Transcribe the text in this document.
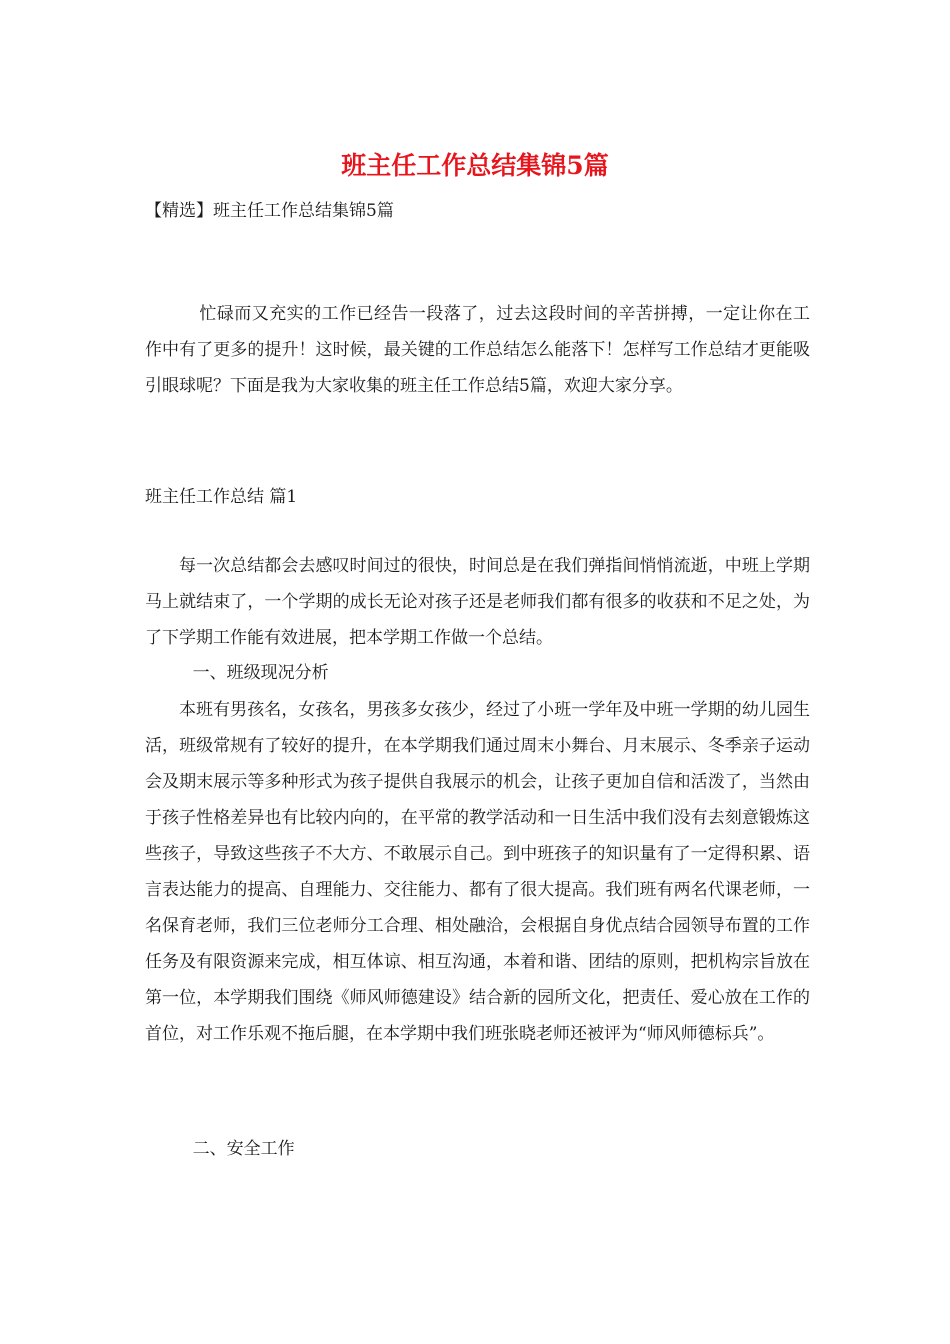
班主任工作总结集锦5篇

【精选】班主任工作总结集锦5篇

忙碌而又充实的工作已经告一段落了，过去这段时间的辛苦拼搏，一定让你在工作中有了更多的提升！这时候，最关键的工作总结怎么能落下！怎样写工作总结才更能吸引眼球呢？下面是我为大家收集的班主任工作总结5篇，欢迎大家分享。

班主任工作总结 篇1

每一次总结都会去感叹时间过的很快，时间总是在我们弹指间悄悄流逝，中班上学期马上就结束了，一个学期的成长无论对孩子还是老师我们都有很多的收获和不足之处，为了下学期工作能有效进展，把本学期工作做一个总结。

一、班级现况分析

本班有男孩名，女孩名，男孩多女孩少，经过了小班一学年及中班一学期的幼儿园生活，班级常规有了较好的提升，在本学期我们通过周末小舞台、月末展示、冬季亲子运动会及期末展示等多种形式为孩子提供自我展示的机会，让孩子更加自信和活泼了，当然由于孩子性格差异也有比较内向的，在平常的教学活动和一日生活中我们没有去刻意锻炼这些孩子，导致这些孩子不大方、不敢展示自己。到中班孩子的知识量有了一定得积累、语言表达能力的提高、自理能力、交往能力、都有了很大提高。我们班有两名代课老师，一名保育老师，我们三位老师分工合理、相处融洽，会根据自身优点结合园领导布置的工作任务及有限资源来完成，相互体谅、相互沟通，本着和谐、团结的原则，把机构宗旨放在第一位，本学期我们围绕《师风师德建设》结合新的园所文化，把责任、爱心放在工作的首位，对工作乐观不拖后腿，在本学期中我们班张晓老师还被评为“师风师德标兵”。

二、安全工作
